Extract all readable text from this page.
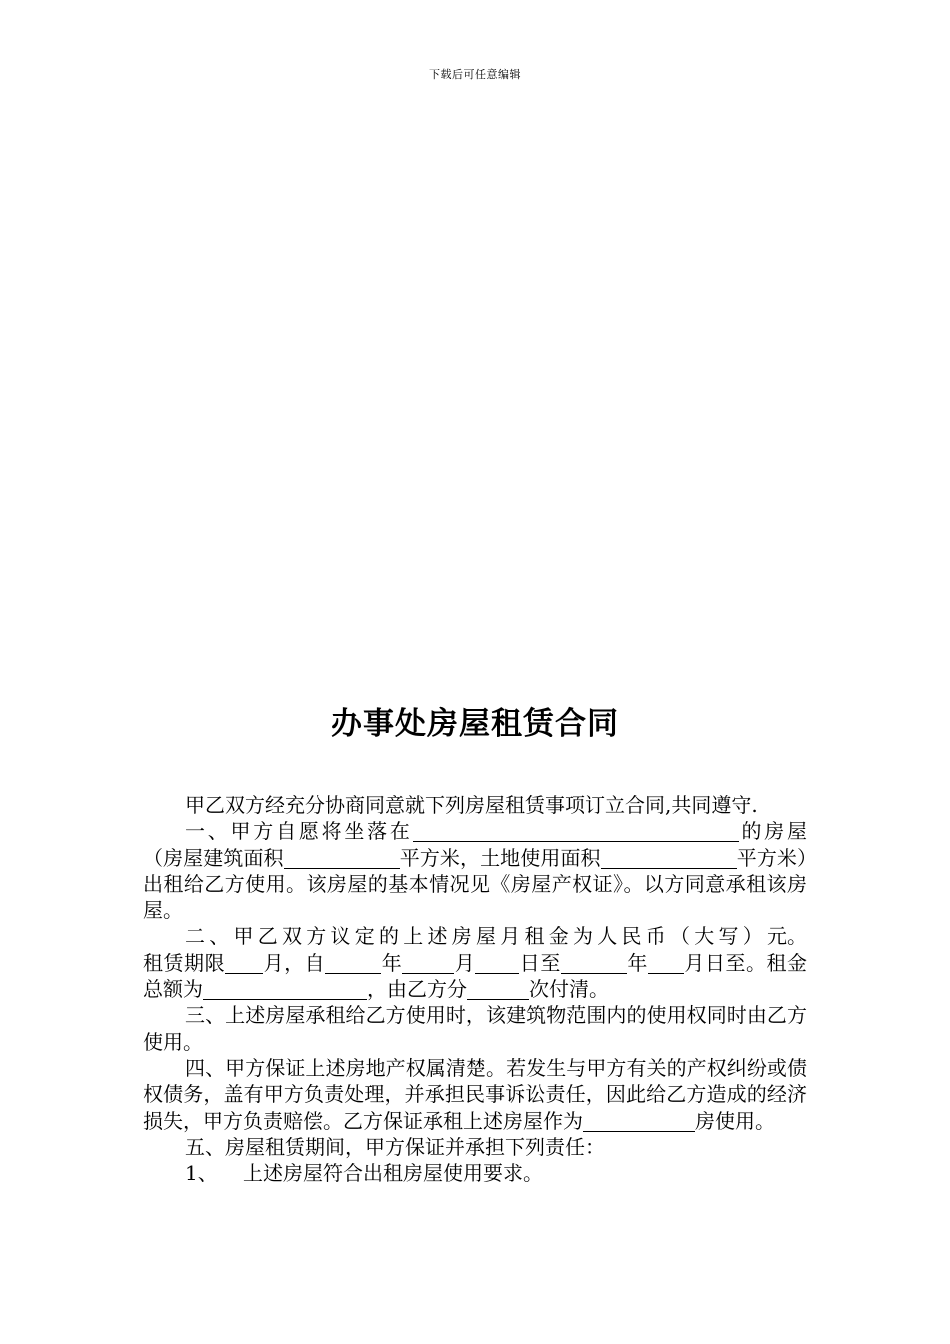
下载后可任意编辑
办事处房屋租赁合同

甲乙双方经充分协商同意就下列房屋租赁事项订立合同,共同遵守.

一、甲方自愿将坐落在	的房屋（房屋建筑面积	平方米，土地使用面积	平方米）出租给乙方使用。该房屋的基本情况见《房屋产权证》。以方同意承租该房屋。

二、甲乙双方议定的上述房屋月租金为人民币（大写）元。租赁期限 月，自	年	月 日至	年 月日至。租金总额为	，由乙方分	次付清。

三、上述房屋承租给乙方使用时，该建筑物范围内的使用权同时由乙方使用。

四、甲方保证上述房地产权属清楚。若发生与甲方有关的产权纠纷或债权债务，盖有甲方负责处理，并承担民事诉讼责任，因此给乙方造成的经济损失，甲方负责赔偿。乙方保证承租上述房屋作为	房使用。

五、房屋租赁期间，甲方保证并承担下列责任：

1、 上述房屋符合出租房屋使用要求。
